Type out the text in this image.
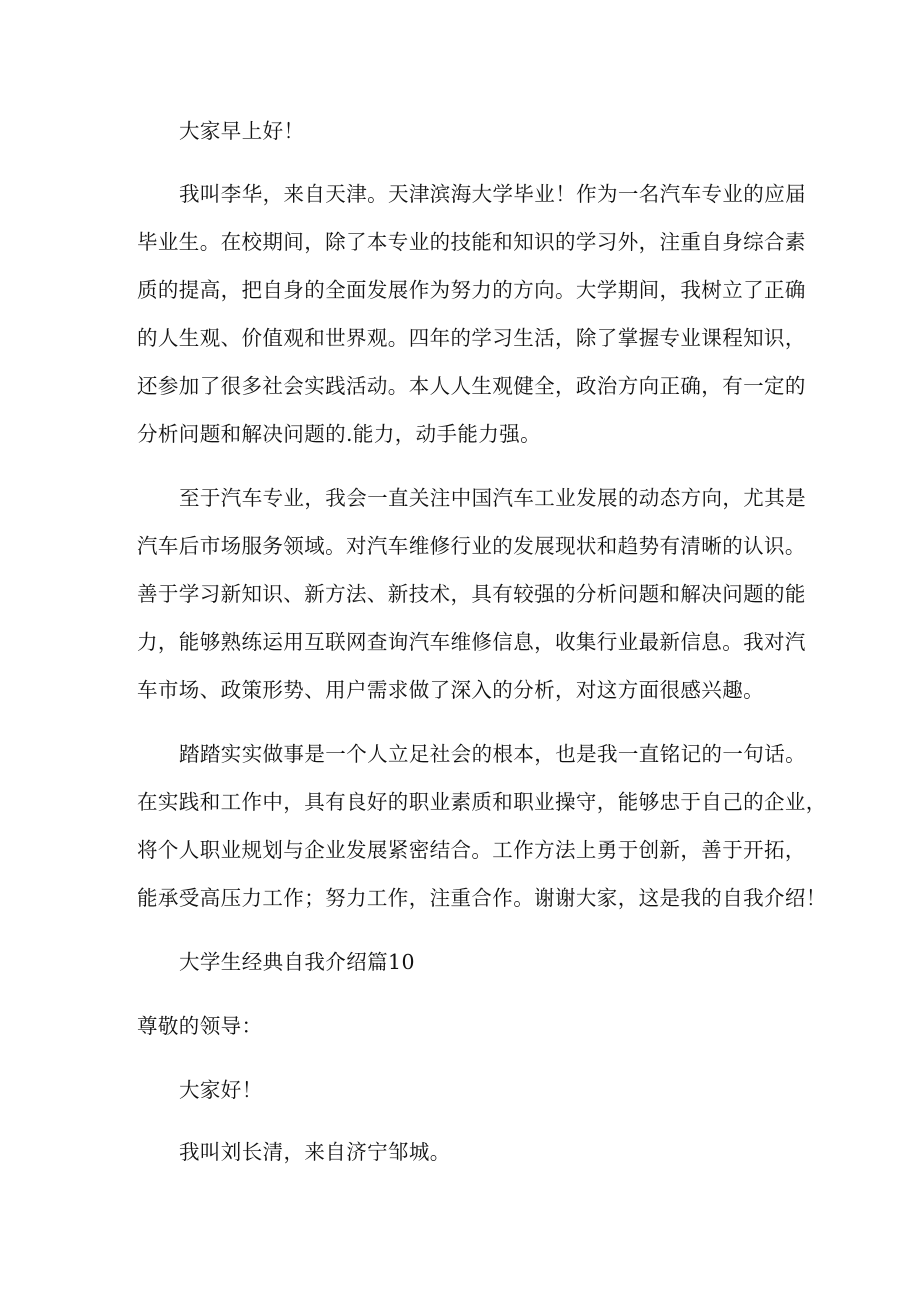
大家早上好！
我叫李华，来自天津。天津滨海大学毕业！作为一名汽车专业的应届
毕业生。在校期间，除了本专业的技能和知识的学习外，注重自身综合素
质的提高，把自身的全面发展作为努力的方向。大学期间，我树立了正确
的人生观、价值观和世界观。四年的学习生活，除了掌握专业课程知识，
还参加了很多社会实践活动。本人人生观健全，政治方向正确，有一定的
分析问题和解决问题的.能力，动手能力强。
至于汽车专业，我会一直关注中国汽车工业发展的动态方向，尤其是
汽车后市场服务领域。对汽车维修行业的发展现状和趋势有清晰的认识。
善于学习新知识、新方法、新技术，具有较强的分析问题和解决问题的能
力，能够熟练运用互联网查询汽车维修信息，收集行业最新信息。我对汽
车市场、政策形势、用户需求做了深入的分析，对这方面很感兴趣。
踏踏实实做事是一个人立足社会的根本，也是我一直铭记的一句话。
在实践和工作中，具有良好的职业素质和职业操守，能够忠于自己的企业，
将个人职业规划与企业发展紧密结合。工作方法上勇于创新，善于开拓，
能承受高压力工作；努力工作，注重合作。谢谢大家，这是我的自我介绍！
大学生经典自我介绍篇10
尊敬的领导：
大家好！
我叫刘长清，来自济宁邹城。
